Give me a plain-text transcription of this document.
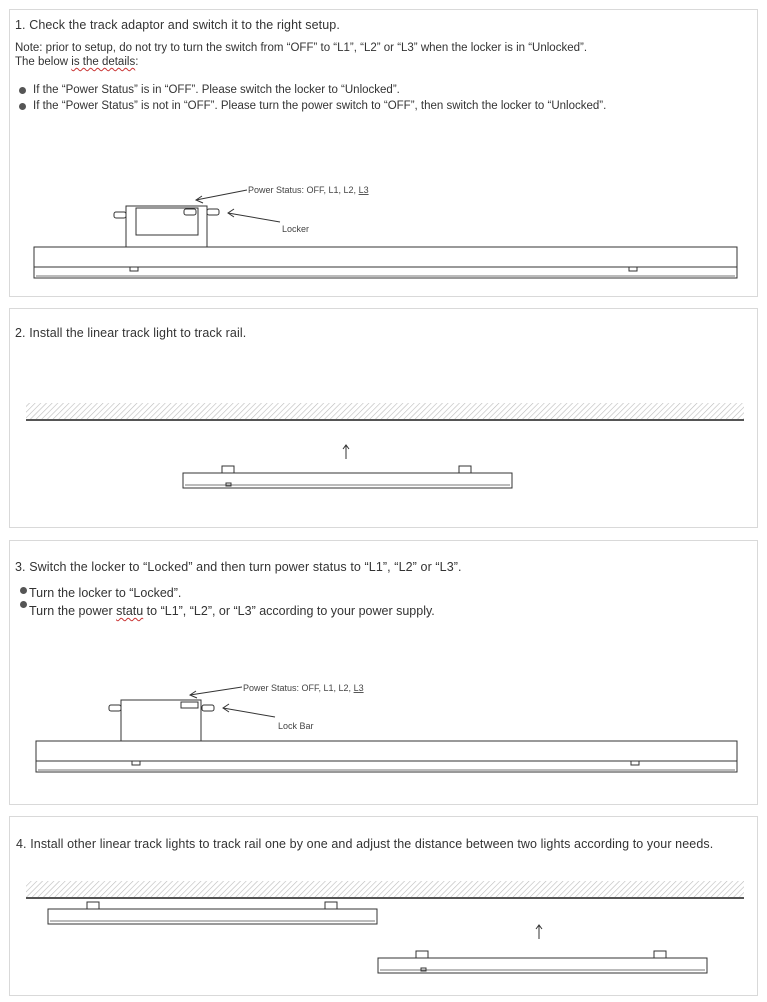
1. Check the track adaptor and switch it to the right setup.
Note: prior to setup, do not try to turn the switch from “OFF” to “L1”, “L2” or “L3” when the locker is in “Unlocked”.
The below is the details:
If the “Power Status” is in “OFF”. Please switch the locker to “Unlocked”.
If the “Power Status” is not in “OFF”. Please turn the power switch to “OFF”, then switch the locker to “Unlocked”.
Power Status: OFF, L1, L2, L3
Locker
2. Install the linear track light to track rail.
3. Switch the locker to “Locked” and then turn power status to “L1”, “L2” or “L3”.
Turn the locker to “Locked”.
Turn the power statu to “L1”, “L2”, or “L3” according to your power supply.
Power Status: OFF, L1, L2, L3
Lock Bar
4. Install other linear track lights to track rail one by one and adjust the distance between two lights according to your needs.
